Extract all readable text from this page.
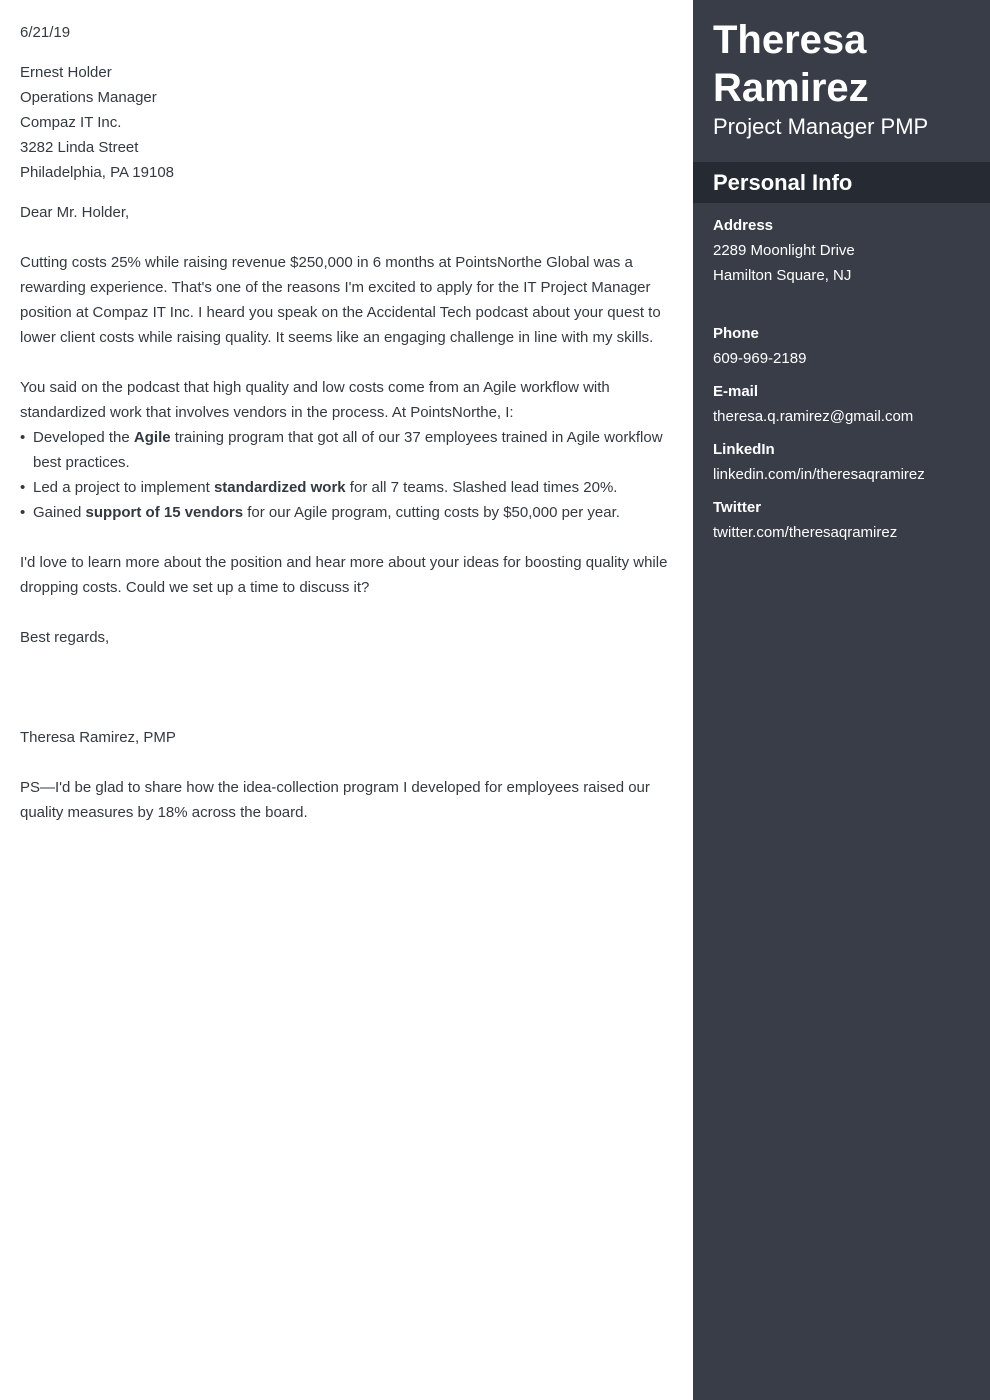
6/21/19

Ernest Holder

Operations Manager

Compaz IT Inc.

3282 Linda Street

Philadelphia, PA 19108

Dear Mr. Holder,

Cutting costs 25% while raising revenue $250,000 in 6 months at PointsNorthe Global was a rewarding experience. That's one of the reasons I'm excited to apply for the IT Project Manager position at Compaz IT Inc. I heard you speak on the Accidental Tech podcast about your quest to lower client costs while raising quality. It seems like an engaging challenge in line with my skills.

You said on the podcast that high quality and low costs come from an Agile workflow with standardized work that involves vendors in the process. At PointsNorthe, I:

• Developed the Agile training program that got all of our 37 employees trained in Agile workflow best practices.
• Led a project to implement standardized work for all 7 teams. Slashed lead times 20%.
• Gained support of 15 vendors for our Agile program, cutting costs by $50,000 per year.

I'd love to learn more about the position and hear more about your ideas for boosting quality while dropping costs. Could we set up a time to discuss it?

Best regards,

Theresa Ramirez, PMP

PS—I'd be glad to share how the idea-collection program I developed for employees raised our quality measures by 18% across the board.

Theresa

Ramirez

Project Manager PMP
Personal Info
Address
2289 Moonlight Drive
Hamilton Square, NJ
Phone
609-969-2189
E-mail
theresa.q.ramirez@gmail.com
LinkedIn
linkedin.com/in/theresaqramirez
Twitter
twitter.com/theresaqramirez
